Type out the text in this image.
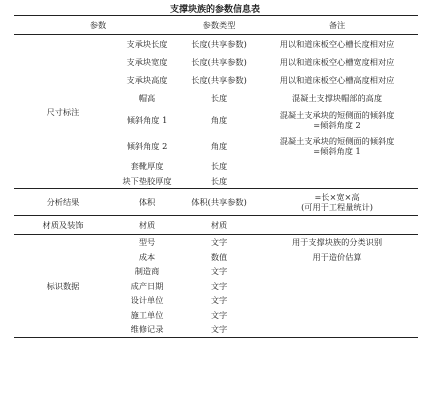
支撑块族的参数信息表
参数		参数类型	备注
尺寸标注	支承块长度	长度(共享参数)	用以和道床板空心槽长度相对应
	支承块宽度	长度(共享参数)	用以和道床板空心槽宽度相对应
	支承块高度	长度(共享参数)	用以和道床板空心槽高度相对应
	帽高	长度	混凝土支撑块帽部的高度
	倾斜角度 1	角度	混凝土支承块的短侧面的倾斜度
=倾斜角度 2
	倾斜角度 2	角度	混凝土支承块的短侧面的倾斜度
=倾斜角度 1
	套靴厚度	长度	
	块下垫胶厚度	长度	
分析结果	体积	体积(共享参数)	=长×宽×高
(可用于工程量统计)
材质及装饰	材质	材质	
标识数据	型号	文字	用于支撑块族的分类识别
	成本	数值	用于造价估算
	制造商	文字	
	成产日期	文字	
	设计单位	文字	
	施工单位	文字	
	维修记录	文字	
